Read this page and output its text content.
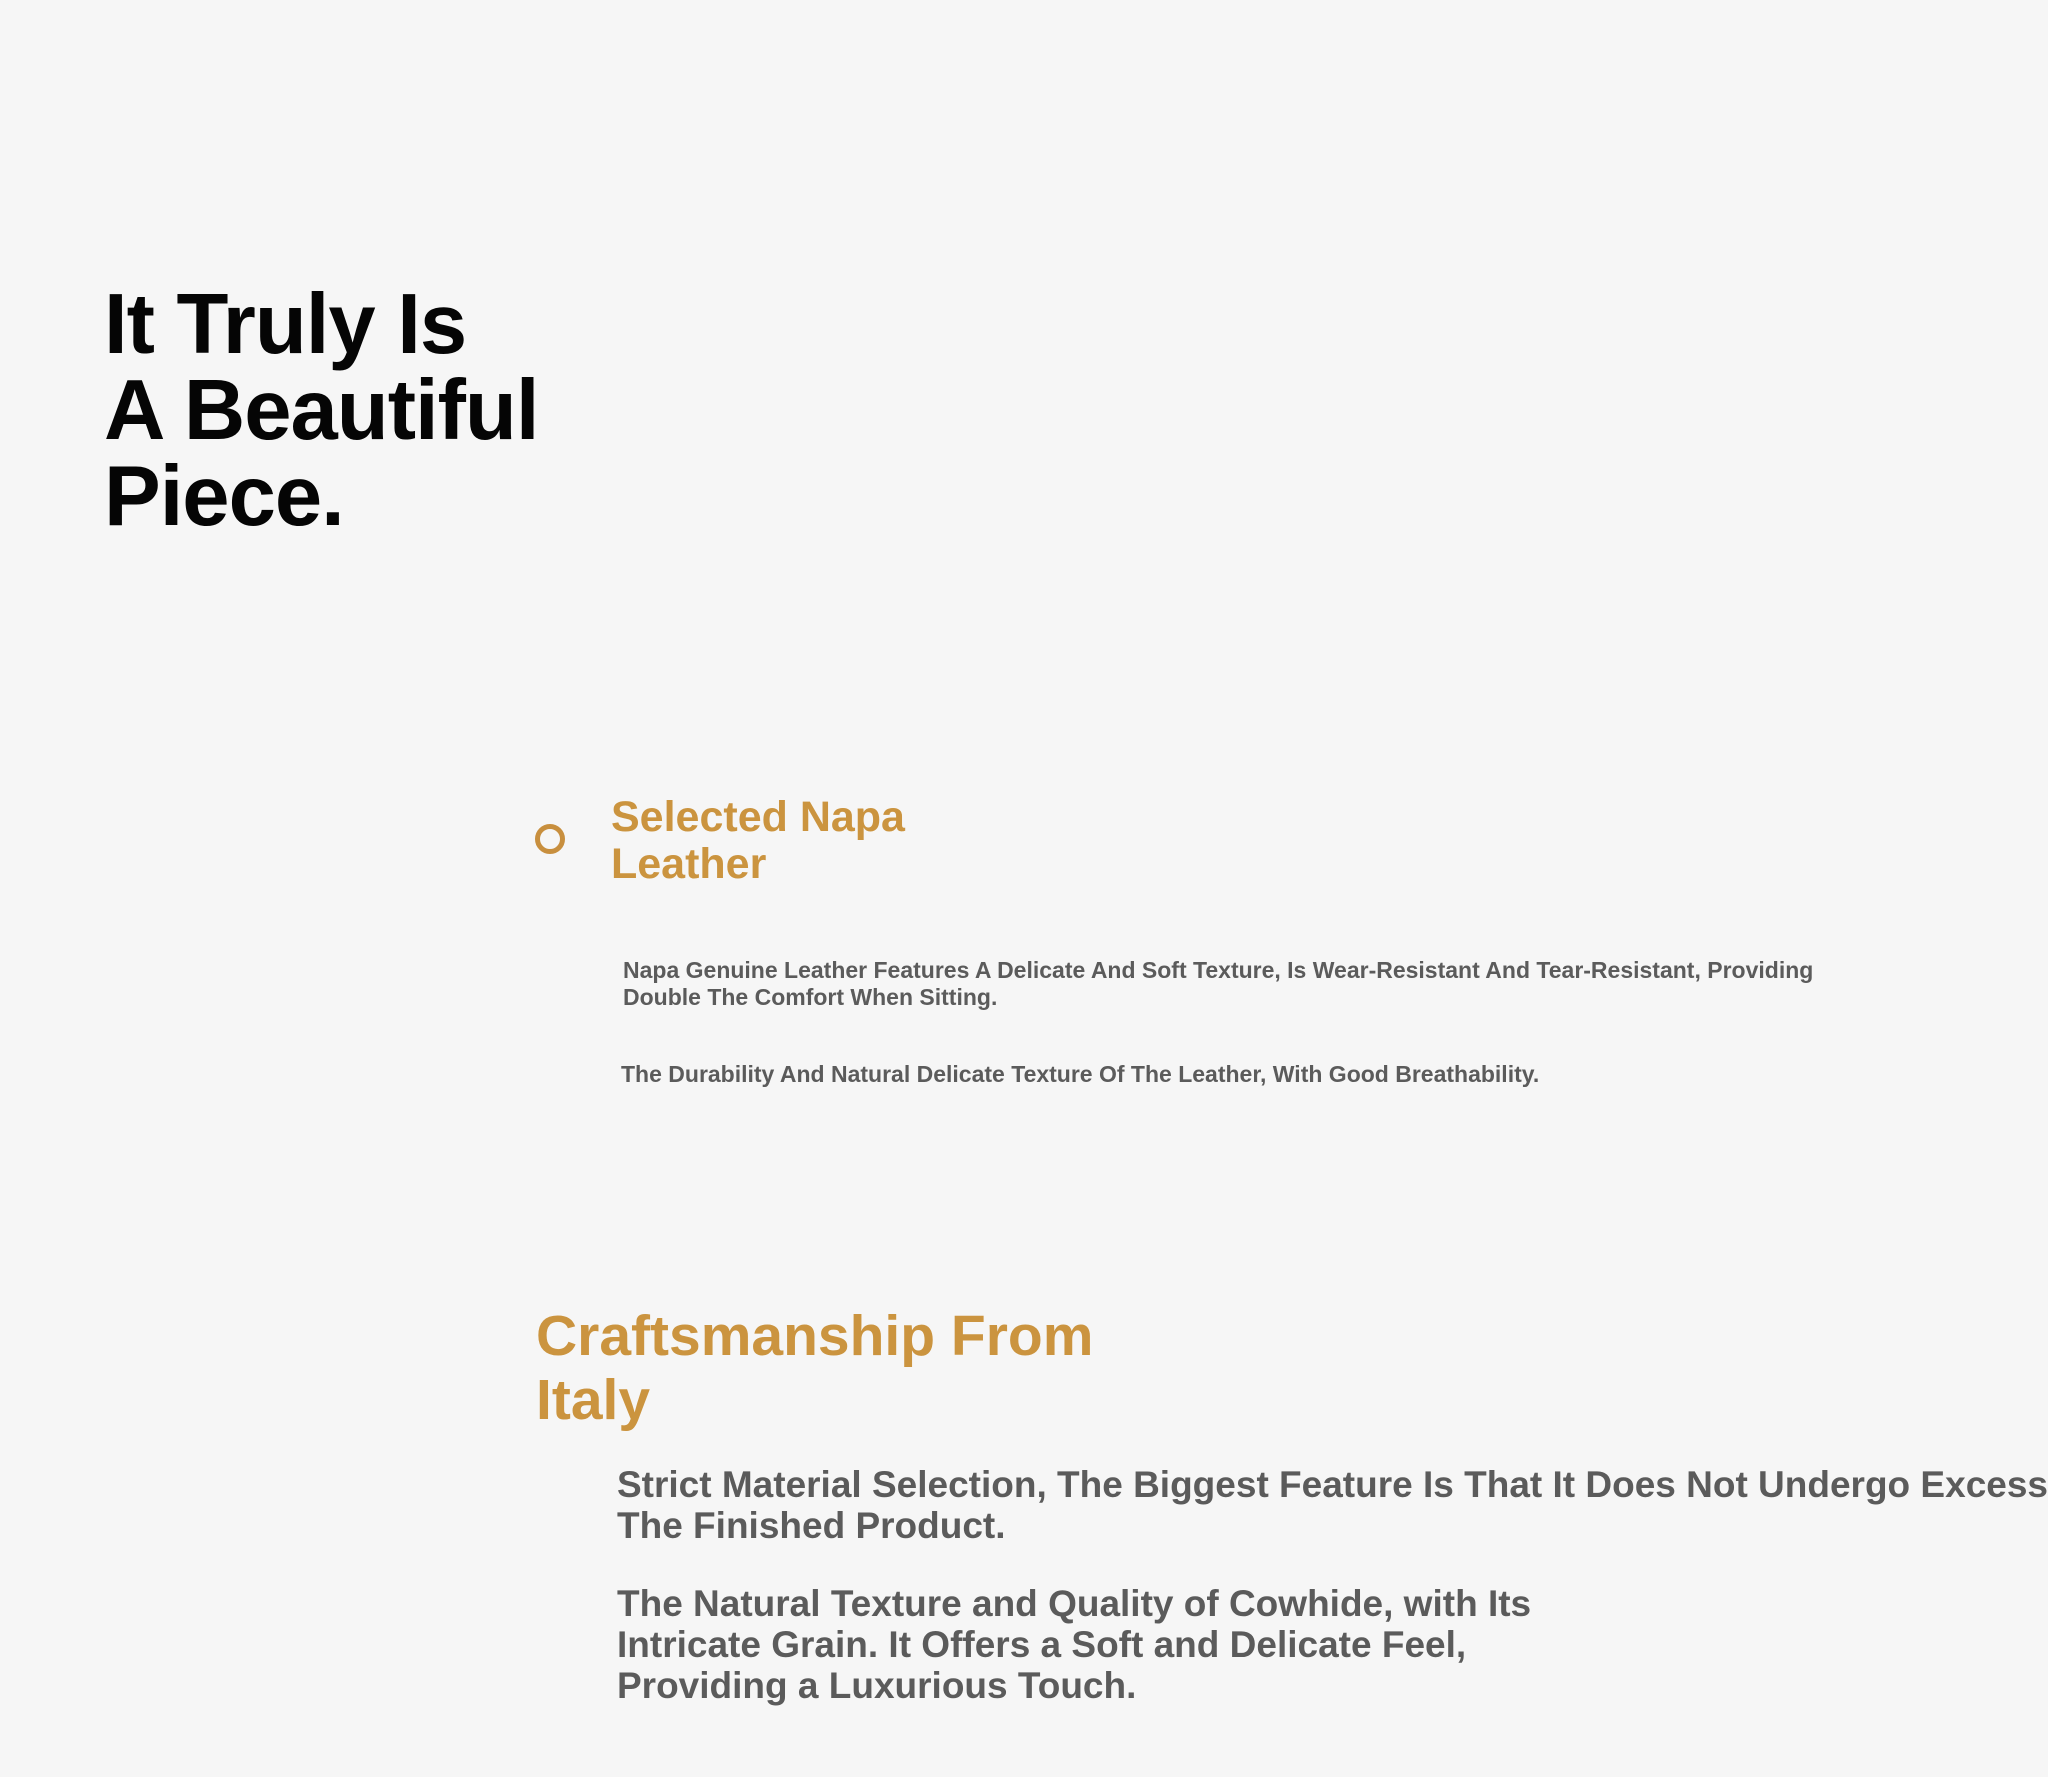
It Truly Is
A Beautiful
Piece.
Selected Napa
Leather

Napa Genuine Leather Features A Delicate And Soft Texture, Is Wear-Resistant And Tear-Resistant, Providing
Double The Comfort When Sitting.

The Durability And Natural Delicate Texture Of The Leather, With Good Breathability.

Craftsmanship From
Italy

Strict Material Selection, The Biggest Feature Is That It Does Not Undergo Excess
The Finished Product.

The Natural Texture and Quality of Cowhide, with Its
Intricate Grain. It Offers a Soft and Delicate Feel,
Providing a Luxurious Touch.
